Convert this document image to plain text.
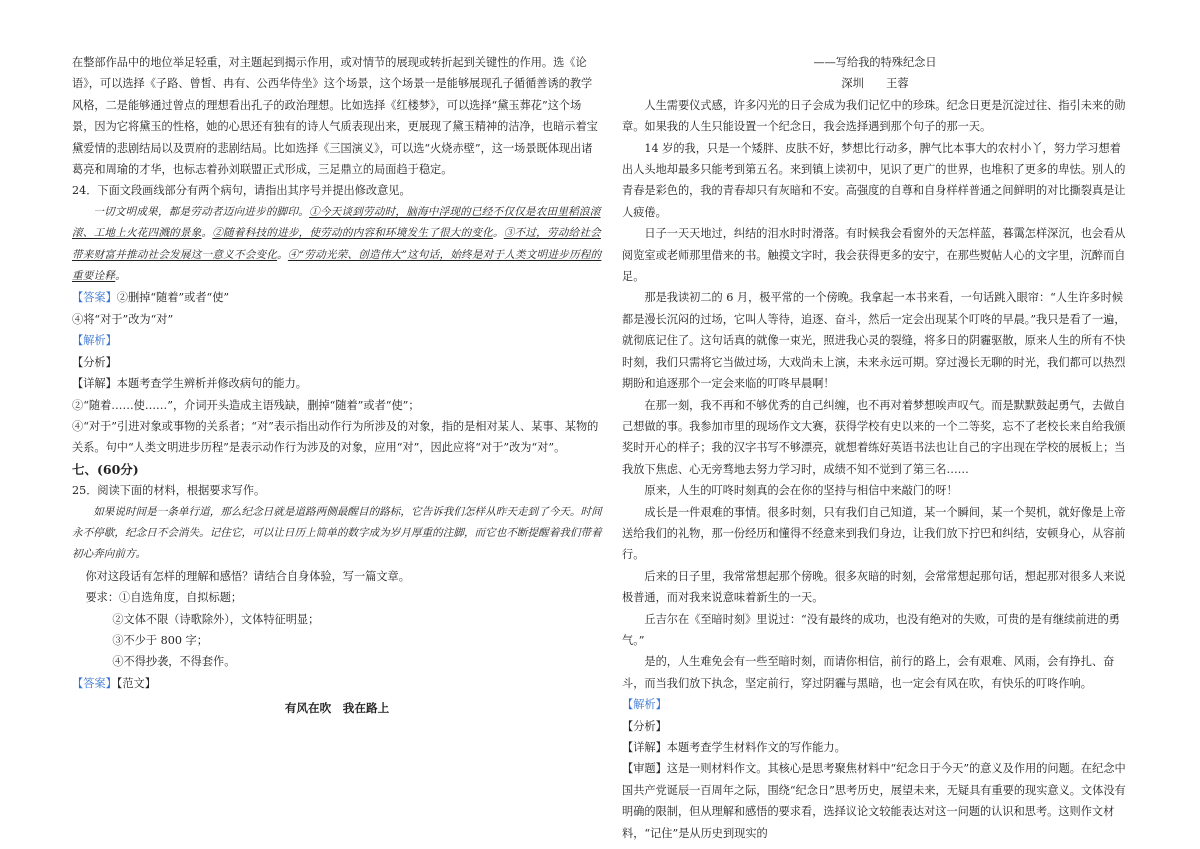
在整部作品中的地位举足轻重，对主题起到揭示作用，或对情节的展现或转折起到关键性的作用。选《论语》，可以选择《子路、曾皙、冉有、公西华侍坐》这个场景，这个场景一是能够展现孔子循循善诱的教学风格，二是能够通过曾点的理想看出孔子的政治理想。比如选择《红楼梦》，可以选择“黛玉葬花”这个场景，因为它将黛玉的性格，她的心思还有独有的诗人气质表现出来，更展现了黛玉精神的洁净，也暗示着宝黛爱情的悲剧结局以及贾府的悲剧结局。比如选择《三国演义》，可以选“火烧赤壁”，这一场景既体现出诸葛亮和周瑜的才华，也标志着孙刘联盟正式形成，三足鼎立的局面趋于稳定。

24．下面文段画线部分有两个病句，请指出其序号并提出修改意见。

一切文明成果，都是劳动者迈向进步的脚印。①今天谈到劳动时，脑海中浮现的已经不仅仅是农田里稻浪滚滚、工地上火花四溅的景象。②随着科技的进步，使劳动的内容和环境发生了很大的变化。③不过，劳动给社会带来财富并推动社会发展这一意义不会变化。④“劳动光荣、创造伟大”这句话，始终是对于人类文明进步历程的重要诠释。

【答案】②删掉“随着”或者“使”

④将“对于”改为“对”

【解析】

【分析】

【详解】本题考查学生辨析并修改病句的能力。

②“随着……使……”，介词开头造成主语残缺，删掉“随着”或者“使”；

④“对于”引进对象或事物的关系者；“对”表示指出动作行为所涉及的对象，指的是相对某人、某事、某物的关系。句中“人类文明进步历程”是表示动作行为涉及的对象，应用“对”，因此应将“对于”改为“对”。

七、(60分)

25．阅读下面的材料，根据要求写作。

如果说时间是一条单行道，那么纪念日就是道路两侧最醒目的路标，它告诉我们怎样从昨天走到了今天。时间永不停歇，纪念日不会消失。记住它，可以让日历上简单的数字成为岁月厚重的注脚，而它也不断提醒着我们带着初心奔向前方。

你对这段话有怎样的理解和感悟？请结合自身体验，写一篇文章。

要求：①自选角度，自拟标题；

②文体不限（诗歌除外），文体特征明显；

③不少于 800 字；

④不得抄袭，不得套作。

【答案】【范文】

有风在吹　我在路上

——写给我的特殊纪念日

深圳　　王蓉

人生需要仪式感，许多闪光的日子会成为我们记忆中的珍珠。纪念日更是沉淀过往、指引未来的勋章。如果我的人生只能设置一个纪念日，我会选择遇到那个句子的那一天。

14 岁的我，只是一个矮胖、皮肤不好，梦想比行动多，脾气比本事大的农村小丫，努力学习想着出人头地却最多只能考到第五名。来到镇上读初中，见识了更广的世界，也堆积了更多的卑怯。别人的青春是彩色的，我的青春却只有灰暗和不安。高强度的自尊和自身样样普通之间鲜明的对比撕裂真是让人疲倦。

日子一天天地过，纠结的泪水时时滑落。有时候我会看窗外的天怎样蓝，暮霭怎样深沉，也会看从阅览室或老师那里借来的书。触摸文字时，我会获得更多的安宁，在那些熨帖人心的文字里，沉醉而自足。

那是我读初二的 6 月，极平常的一个傍晚。我拿起一本书来看，一句话跳入眼帘：“人生许多时候都是漫长沉闷的过场，它叫人等待，追逐、奋斗，然后一定会出现某个叮咚的早晨。”我只是看了一遍，就彻底记住了。这句话真的就像一束光，照进我心灵的裂缝，将多日的阴霾驱散，原来人生的所有不快时刻，我们只需将它当做过场，大戏尚未上演，未来永远可期。穿过漫长无聊的时光，我们都可以热烈期盼和追逐那个一定会来临的叮咚早晨啊！

在那一刻，我不再和不够优秀的自己纠缠，也不再对着梦想唉声叹气。而是默默鼓起勇气，去做自己想做的事。我参加市里的现场作文大赛，获得学校有史以来的一个二等奖，忘不了老校长来自给我颁奖时开心的样子；我的汉字书写不够漂亮，就想着练好英语书法也让自己的字出现在学校的展板上；当我放下焦虑、心无旁骛地去努力学习时，成绩不知不觉到了第三名……

原来，人生的叮咚时刻真的会在你的坚持与相信中来敲门的呀！

成长是一件艰难的事情。很多时刻，只有我们自己知道，某一个瞬间，某一个契机，就好像是上帝送给我们的礼物，那一份经历和懂得不经意来到我们身边，让我们放下拧巴和纠结，安顿身心，从容前行。

后来的日子里，我常常想起那个傍晚。很多灰暗的时刻，会常常想起那句话，想起那对很多人来说极普通，而对我来说意味着新生的一天。

丘吉尔在《至暗时刻》里说过：“没有最终的成功，也没有绝对的失败，可贵的是有继续前进的勇气。”

是的，人生难免会有一些至暗时刻，而请你相信，前行的路上，会有艰难、风雨，会有挣扎、奋斗，而当我们放下执念，坚定前行，穿过阴霾与黑暗，也一定会有风在吹，有快乐的叮咚作响。

【解析】

【分析】

【详解】本题考查学生材料作文的写作能力。

【审题】这是一则材料作文。其核心是思考聚焦材料中“纪念日于今天”的意义及作用的问题。在纪念中国共产党诞辰一百周年之际，围绕“纪念日”思考历史，展望未来，无疑具有重要的现实意义。文体没有明确的限制，但从理解和感悟的要求看，选择议论文较能表达对这一问题的认识和思考。这则作文材料，“记住”是从历史到现实的
